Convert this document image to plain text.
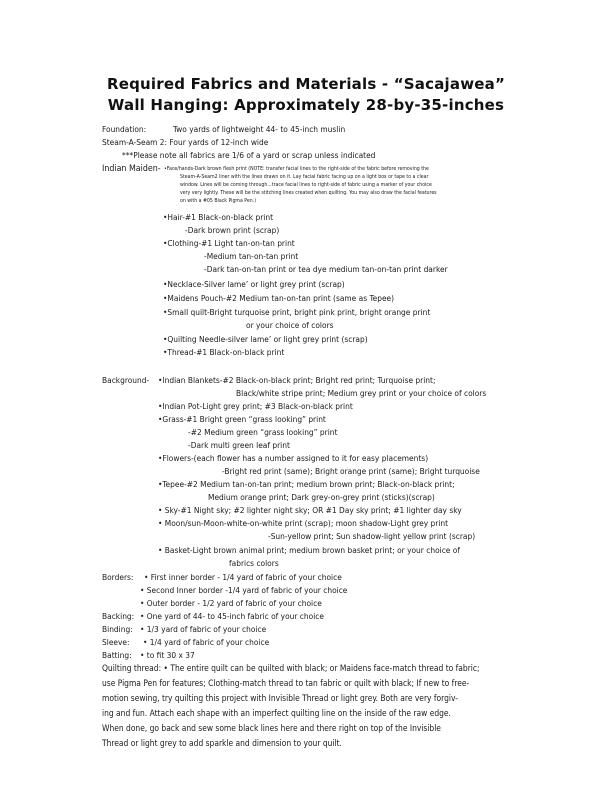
Required Fabrics and Materials - “Sacajawea”
Wall Hanging: Approximately 28-by-35-inches
Foundation:	Two yards of lightweight 44- to 45-inch muslin
Steam-A-Seam 2: Four yards of 12-inch wide
***Please note all fabrics are 1/6 of a yard or scrap unless indicated
Indian Maiden- •Face/hands-Dark brown flesh print (NOTE: transfer facial lines to the right-side of the fabric before removing the
Steam-A-Seam2 liner with the lines drawn on it. Lay facial fabric facing up on a light box or tape to a clear
window. Lines will be coming through...trace facial lines to right-side of fabric using a marker of your choice
very very lightly. These will be the stitching lines created when quilting. You may also draw the facial features
on with a #05 Black Pigma Pen.)
•Hair-#1 Black-on-black print
-Dark brown print (scrap)
•Clothing-#1 Light tan-on-tan print
-Medium tan-on-tan print
-Dark tan-on-tan print or tea dye medium tan-on-tan print darker
•Necklace-Silver lame’ or light grey print (scrap)
•Maidens Pouch-#2 Medium tan-on-tan print (same as Tepee)
•Small quilt-Bright turquoise print, bright pink print, bright orange print
or your choice of colors
•Quilting Needle-silver lame’ or light grey print (scrap)
•Thread-#1 Black-on-black print
Background- •Indian Blankets-#2 Black-on-black print; Bright red print; Turquoise print;
Black/white stripe print; Medium grey print or your choice of colors
•Indian Pot-Light grey print; #3 Black-on-black print
•Grass-#1 Bright green “grass looking” print
-#2 Medium green “grass looking” print
-Dark multi green leaf print
•Flowers-(each flower has a number assigned to it for easy placements)
-Bright red print (same); Bright orange print (same); Bright turquoise
•Tepee-#2 Medium tan-on-tan print; medium brown print; Black-on-black print;
Medium orange print; Dark grey-on-grey print (sticks)(scrap)
• Sky-#1 Night sky; #2 lighter night sky; OR #1 Day sky print; #1 lighter day sky
• Moon/sun-Moon-white-on-white print (scrap); moon shadow-Light grey print
-Sun-yellow print; Sun shadow-light yellow print (scrap)
• Basket-Light brown animal print; medium brown basket print; or your choice of
fabrics colors
Borders: • First inner border - 1/4 yard of fabric of your choice
• Second Inner border -1/4 yard of fabric of your choice
• Outer border - 1/2 yard of fabric of your choice
Backing: • One yard of 44- to 45-inch fabric of your choice
Binding: • 1/3 yard of fabric of your choice
Sleeve: • 1/4 yard of fabric of your choice
Batting: • to fit 30 x 37
Quilting thread: • The entire quilt can be quilted with black; or Maidens face-match thread to fabric;
use Pigma Pen for features; Clothing-match thread to tan fabric or quilt with black; If new to free-
motion sewing, try quilting this project with Invisible Thread or light grey. Both are very forgiv-
ing and fun. Attach each shape with an imperfect quilting line on the inside of the raw edge.
When done, go back and sew some black lines here and there right on top of the Invisible
Thread or light grey to add sparkle and dimension to your quilt.
